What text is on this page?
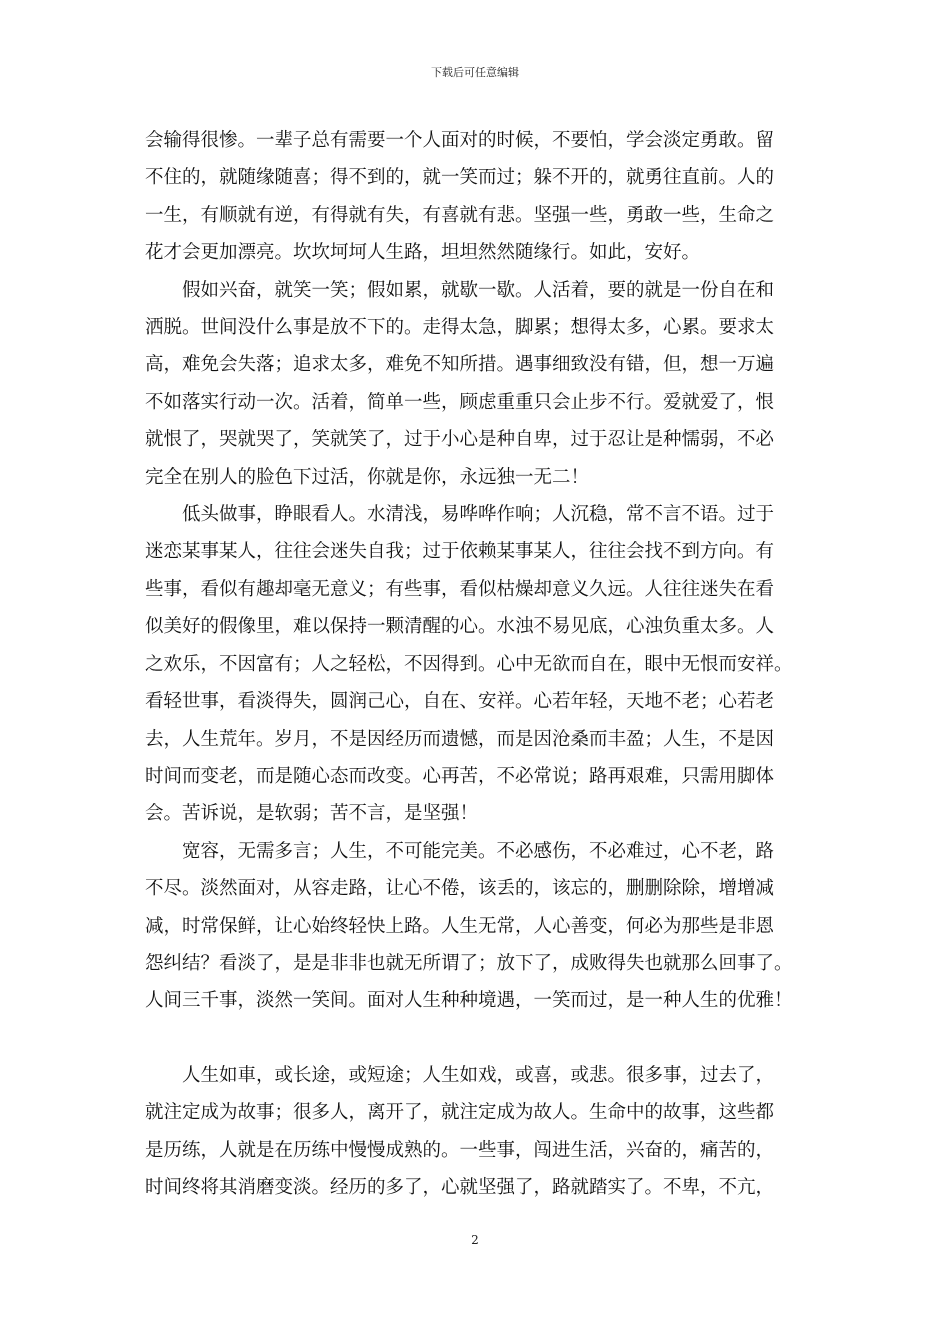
下载后可任意编辑

会输得很惨。一辈子总有需要一个人面对的时候，不要怕，学会淡定勇敢。留
不住的，就随缘随喜；得不到的，就一笑而过；躲不开的，就勇往直前。人的
一生，有顺就有逆，有得就有失，有喜就有悲。坚强一些，勇敢一些，生命之
花才会更加漂亮。坎坎坷坷人生路，坦坦然然随缘行。如此，安好。

假如兴奋，就笑一笑；假如累，就歇一歇。人活着，要的就是一份自在和
洒脱。世间没什么事是放不下的。走得太急，脚累；想得太多，心累。要求太
高，难免会失落；追求太多，难免不知所措。遇事细致没有错，但，想一万遍
不如落实行动一次。活着，简单一些，顾虑重重只会止步不行。爱就爱了，恨
就恨了，哭就哭了，笑就笑了，过于小心是种自卑，过于忍让是种懦弱，不必
完全在别人的脸色下过活，你就是你，永远独一无二！

低头做事，睁眼看人。水清浅，易哗哗作响；人沉稳，常不言不语。过于
迷恋某事某人，往往会迷失自我；过于依赖某事某人，往往会找不到方向。有
些事，看似有趣却毫无意义；有些事，看似枯燥却意义久远。人往往迷失在看
似美好的假像里，难以保持一颗清醒的心。水浊不易见底，心浊负重太多。人
之欢乐，不因富有；人之轻松，不因得到。心中无欲而自在，眼中无恨而安祥。
看轻世事，看淡得失，圆润己心，自在、安祥。心若年轻，天地不老；心若老
去，人生荒年。岁月，不是因经历而遗憾，而是因沧桑而丰盈；人生，不是因
时间而变老，而是随心态而改变。心再苦，不必常说；路再艰难，只需用脚体
会。苦诉说，是软弱；苦不言，是坚强！

宽容，无需多言；人生，不可能完美。不必感伤，不必难过，心不老，路
不尽。淡然面对，从容走路，让心不倦，该丢的，该忘的，删删除除，增增减
减，时常保鲜，让心始终轻快上路。人生无常，人心善变，何必为那些是非恩
怨纠结？看淡了，是是非非也就无所谓了；放下了，成败得失也就那么回事了。
人间三千事，淡然一笑间。面对人生种种境遇，一笑而过，是一种人生的优雅！

人生如車，或长途，或短途；人生如戏，或喜，或悲。很多事，过去了，
就注定成为故事；很多人，离开了，就注定成为故人。生命中的故事，这些都
是历练，人就是在历练中慢慢成熟的。一些事，闯进生活，兴奋的，痛苦的，
时间终将其消磨变淡。经历的多了，心就坚强了，路就踏实了。不卑，不亢，

2
